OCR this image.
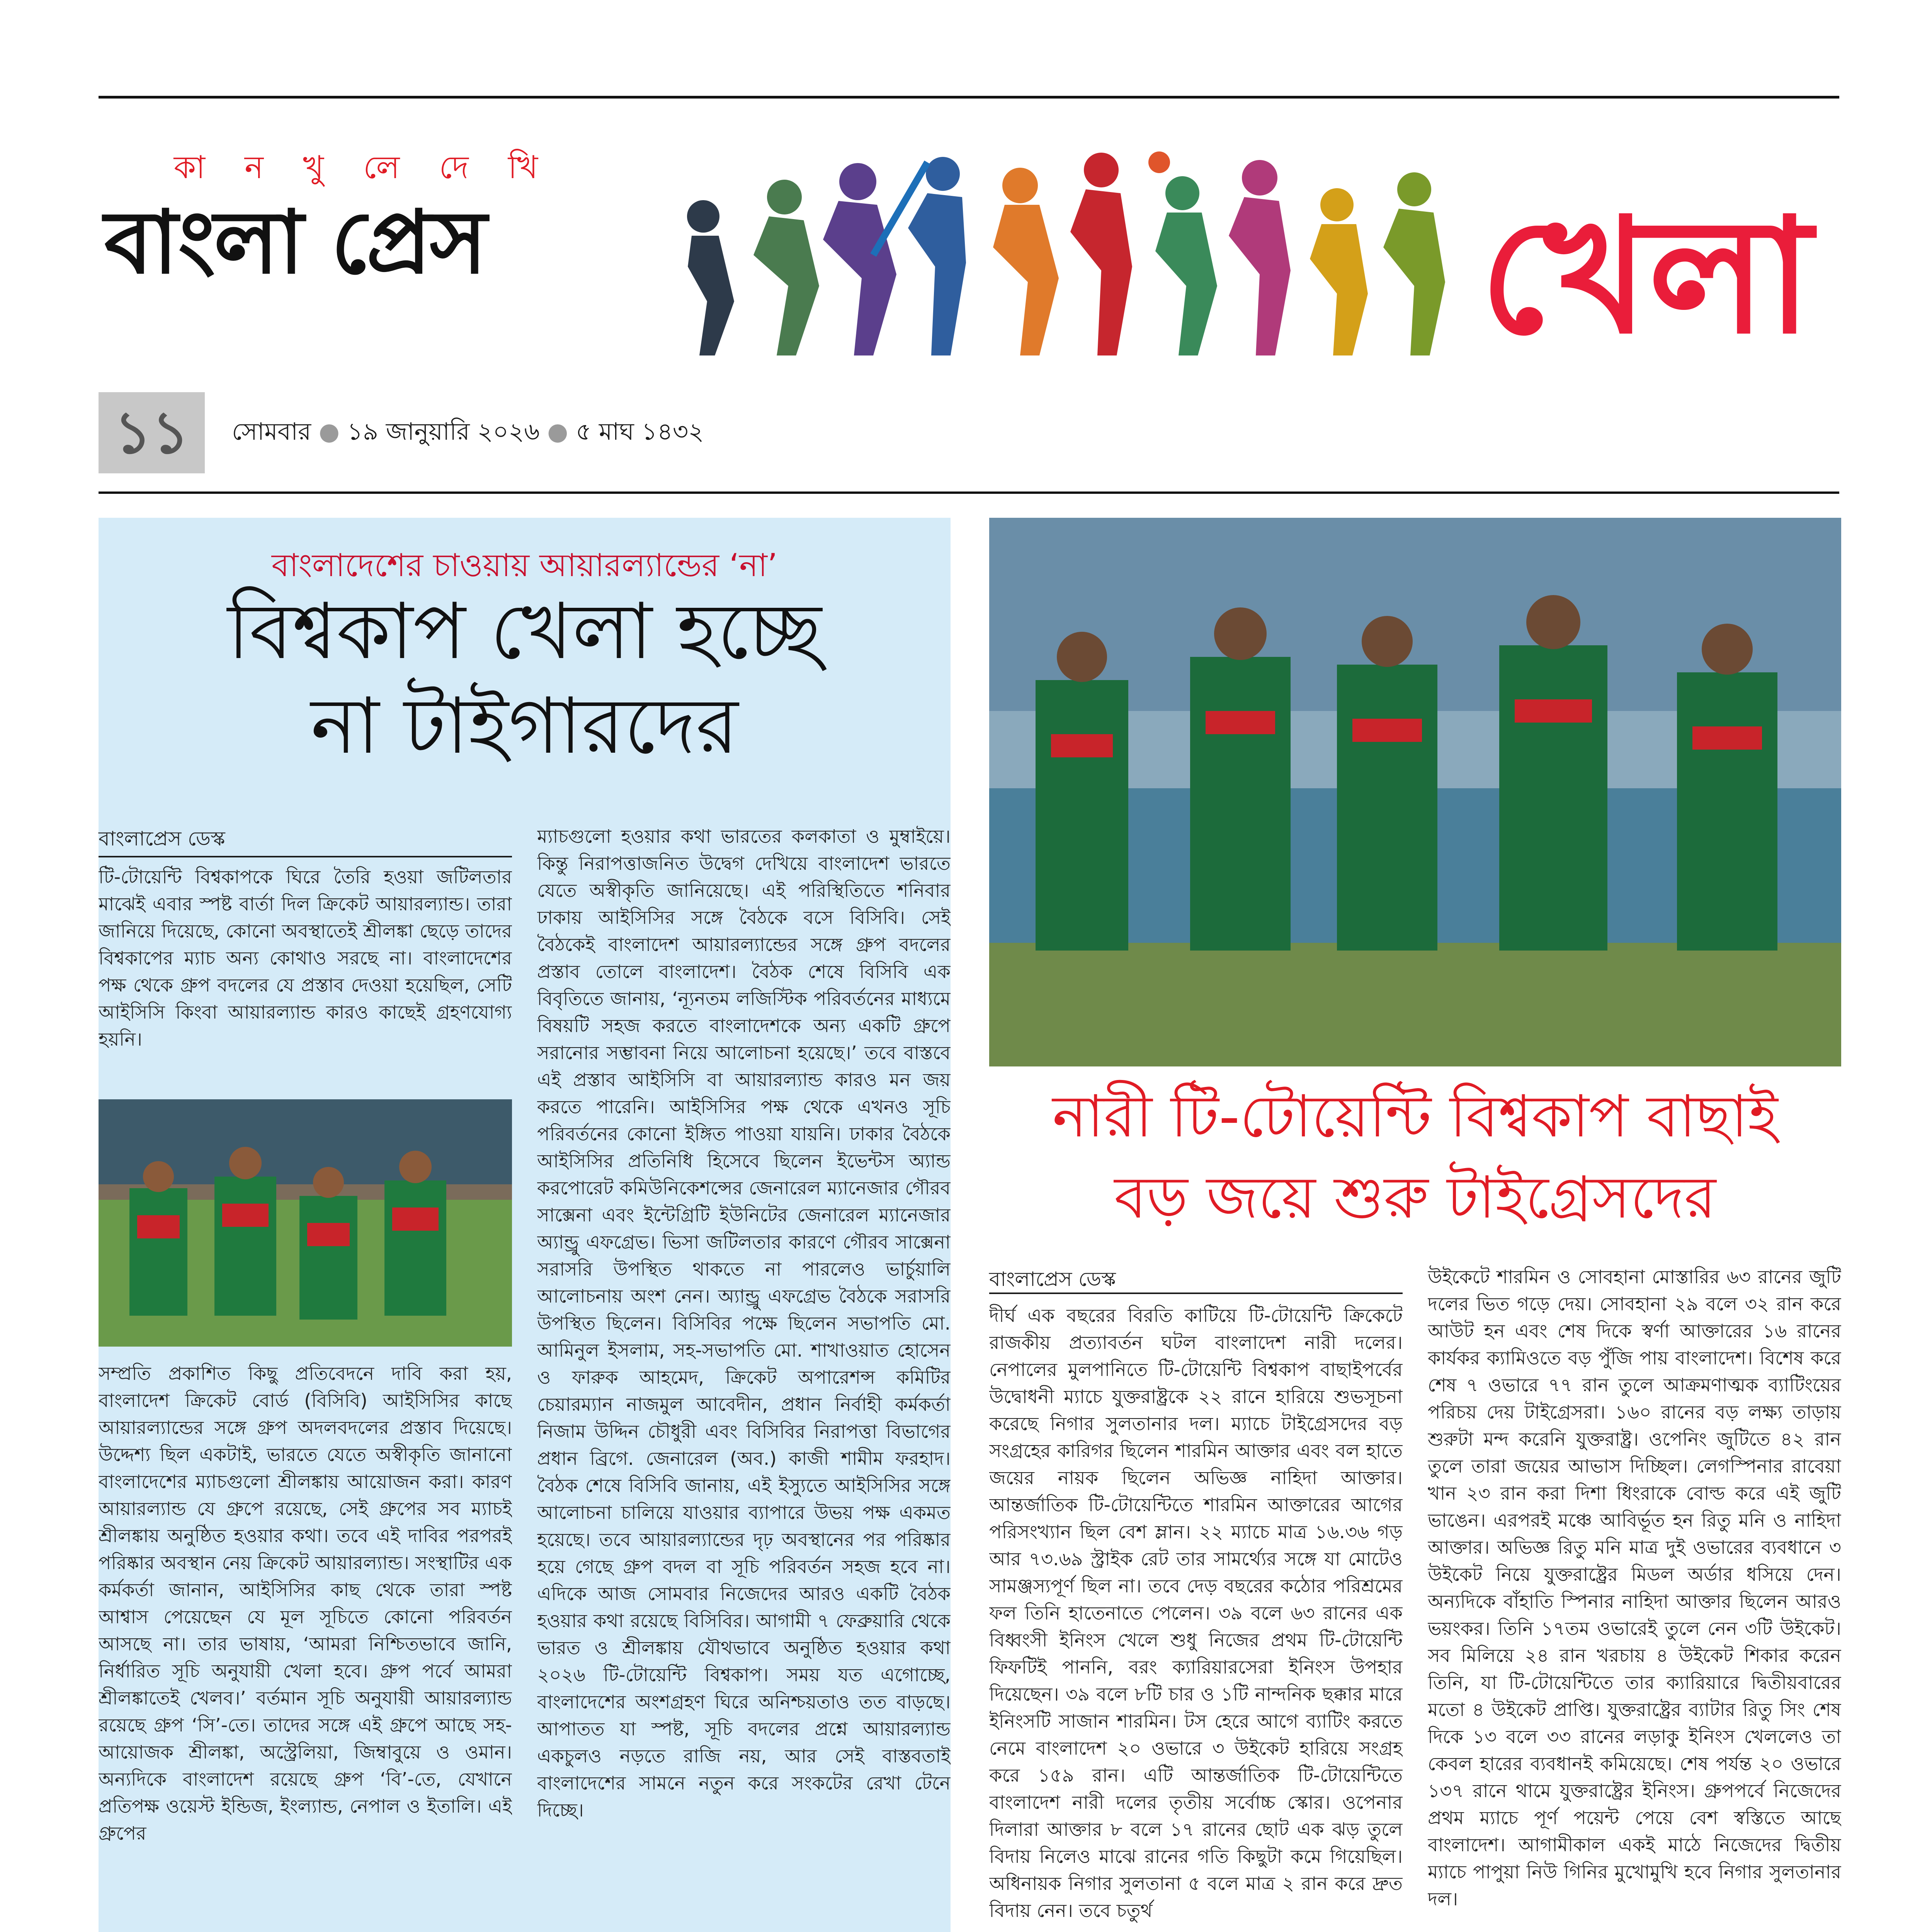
কা ন খু লে দে খি
বাংলা প্রেস	খেলা
১১	সোমবার ● ১৯ জানুয়ারি ২০২৬ ● ৫ মাঘ ১৪৩২
বাংলাদেশের চাওয়ায় আয়ারল্যান্ডের ‘না’
বিশ্বকাপ খেলা হচ্ছে
না টাইগারদের
বাংলাপ্রেস ডেস্ক
টি-টোয়েন্টি বিশ্বকাপকে ঘিরে তৈরি হওয়া জটিলতার মাঝেই এবার স্পষ্ট বার্তা দিল ক্রিকেট আয়ারল্যান্ড। তারা জানিয়ে দিয়েছে, কোনো অবস্থাতেই শ্রীলঙ্কা ছেড়ে তাদের বিশ্বকাপের ম্যাচ অন্য কোথাও সরছে না। বাংলাদেশের পক্ষ থেকে গ্রুপ বদলের যে প্রস্তাব দেওয়া হয়েছিল, সেটি আইসিসি কিংবা আয়ারল্যান্ড কারও কাছেই গ্রহণযোগ্য হয়নি।
সম্প্রতি প্রকাশিত কিছু প্রতিবেদনে দাবি করা হয়, বাংলাদেশ ক্রিকেট বোর্ড (বিসিবি) আইসিসির কাছে আয়ারল্যান্ডের সঙ্গে গ্রুপ অদলবদলের প্রস্তাব দিয়েছে। উদ্দেশ্য ছিল একটাই, ভারতে যেতে অস্বীকৃতি জানানো বাংলাদেশের ম্যাচগুলো শ্রীলঙ্কায় আয়োজন করা। কারণ আয়ারল্যান্ড যে গ্রুপে রয়েছে, সেই গ্রুপের সব ম্যাচই শ্রীলঙ্কায় অনুষ্ঠিত হওয়ার কথা। তবে এই দাবির পরপরই পরিষ্কার অবস্থান নেয় ক্রিকেট আয়ারল্যান্ড। সংস্থাটির এক কর্মকর্তা জানান, আইসিসির কাছ থেকে তারা স্পষ্ট আশ্বাস পেয়েছেন যে মূল সূচিতে কোনো পরিবর্তন আসছে না। তার ভাষায়, ‘আমরা নিশ্চিতভাবে জানি, নির্ধারিত সূচি অনুযায়ী খেলা হবে। গ্রুপ পর্বে আমরা শ্রীলঙ্কাতেই খেলব।’ বর্তমান সূচি অনুযায়ী আয়ারল্যান্ড রয়েছে গ্রুপ ‘সি’-তে। তাদের সঙ্গে এই গ্রুপে আছে সহ-আয়োজক শ্রীলঙ্কা, অস্ট্রেলিয়া, জিম্বাবুয়ে ও ওমান। অন্যদিকে বাংলাদেশ রয়েছে গ্রুপ ‘বি’-তে, যেখানে প্রতিপক্ষ ওয়েস্ট ইন্ডিজ, ইংল্যান্ড, নেপাল ও ইতালি। এই গ্রুপের
ম্যাচগুলো হওয়ার কথা ভারতের কলকাতা ও মুম্বাইয়ে। কিন্তু নিরাপত্তাজনিত উদ্বেগ দেখিয়ে বাংলাদেশ ভারতে যেতে অস্বীকৃতি জানিয়েছে। এই পরিস্থিতিতে শনিবার ঢাকায় আইসিসির সঙ্গে বৈঠকে বসে বিসিবি। সেই বৈঠকেই বাংলাদেশ আয়ারল্যান্ডের সঙ্গে গ্রুপ বদলের প্রস্তাব তোলে বাংলাদেশ। বৈঠক শেষে বিসিবি এক বিবৃতিতে জানায়, ‘ন্যূনতম লজিস্টিক পরিবর্তনের মাধ্যমে বিষয়টি সহজ করতে বাংলাদেশকে অন্য একটি গ্রুপে সরানোর সম্ভাবনা নিয়ে আলোচনা হয়েছে।’ তবে বাস্তবে এই প্রস্তাব আইসিসি বা আয়ারল্যান্ড কারও মন জয় করতে পারেনি। আইসিসির পক্ষ থেকে এখনও সূচি পরিবর্তনের কোনো ইঙ্গিত পাওয়া যায়নি। ঢাকার বৈঠকে আইসিসির প্রতিনিধি হিসেবে ছিলেন ইভেন্টস অ্যান্ড করপোরেট কমিউনিকেশন্সের জেনারেল ম্যানেজার গৌরব সাক্সেনা এবং ইন্টেগ্রিটি ইউনিটের জেনারেল ম্যানেজার অ্যান্ড্রু এফগ্রেভ। ভিসা জটিলতার কারণে গৌরব সাক্সেনা সরাসরি উপস্থিত থাকতে না পারলেও ভার্চুয়ালি আলোচনায় অংশ নেন। অ্যান্ড্রু এফগ্রেভ বৈঠকে সরাসরি উপস্থিত ছিলেন। বিসিবির পক্ষে ছিলেন সভাপতি মো. আমিনুল ইসলাম, সহ-সভাপতি মো. শাখাওয়াত হোসেন ও ফারুক আহমেদ, ক্রিকেট অপারেশন্স কমিটির চেয়ারম্যান নাজমুল আবেদীন, প্রধান নির্বাহী কর্মকর্তা নিজাম উদ্দিন চৌধুরী এবং বিসিবির নিরাপত্তা বিভাগের প্রধান ব্রিগে. জেনারেল (অব.) কাজী শামীম ফরহাদ। বৈঠক শেষে বিসিবি জানায়, এই ইস্যুতে আইসিসির সঙ্গে আলোচনা চালিয়ে যাওয়ার ব্যাপারে উভয় পক্ষ একমত হয়েছে। তবে আয়ারল্যান্ডের দৃঢ় অবস্থানের পর পরিষ্কার হয়ে গেছে গ্রুপ বদল বা সূচি পরিবর্তন সহজ হবে না। এদিকে আজ সোমবার নিজেদের আরও একটি বৈঠক হওয়ার কথা রয়েছে বিসিবির। আগামী ৭ ফেব্রুয়ারি থেকে ভারত ও শ্রীলঙ্কায় যৌথভাবে অনুষ্ঠিত হওয়ার কথা ২০২৬ টি-টোয়েন্টি বিশ্বকাপ। সময় যত এগোচ্ছে, বাংলাদেশের অংশগ্রহণ ঘিরে অনিশ্চয়তাও তত বাড়ছে। আপাতত যা স্পষ্ট, সূচি বদলের প্রশ্নে আয়ারল্যান্ড একচুলও নড়তে রাজি নয়, আর সেই বাস্তবতাই বাংলাদেশের সামনে নতুন করে সংকটের রেখা টেনে দিচ্ছে।
নারী টি-টোয়েন্টি বিশ্বকাপ বাছাই
বড় জয়ে শুরু টাইগ্রেসদের
বাংলাপ্রেস ডেস্ক
দীর্ঘ এক বছরের বিরতি কাটিয়ে টি-টোয়েন্টি ক্রিকেটে রাজকীয় প্রত্যাবর্তন ঘটল বাংলাদেশ নারী দলের। নেপালের মুলপানিতে টি-টোয়েন্টি বিশ্বকাপ বাছাইপর্বের উদ্বোধনী ম্যাচে যুক্তরাষ্ট্রকে ২২ রানে হারিয়ে শুভসূচনা করেছে নিগার সুলতানার দল। ম্যাচে টাইগ্রেসদের বড় সংগ্রহের কারিগর ছিলেন শারমিন আক্তার এবং বল হাতে জয়ের নায়ক ছিলেন অভিজ্ঞ নাহিদা আক্তার। আন্তর্জাতিক টি-টোয়েন্টিতে শারমিন আক্তারের আগের পরিসংখ্যান ছিল বেশ ম্লান। ২২ ম্যাচে মাত্র ১৬.৩৬ গড় আর ৭৩.৬৯ স্ট্রাইক রেট তার সামর্থ্যের সঙ্গে যা মোটেও সামঞ্জস্যপূর্ণ ছিল না। তবে দেড় বছরের কঠোর পরিশ্রমের ফল তিনি হাতেনাতে পেলেন। ৩৯ বলে ৬৩ রানের এক বিধ্বংসী ইনিংস খেলে শুধু নিজের প্রথম টি-টোয়েন্টি ফিফটিই পাননি, বরং ক্যারিয়ারসেরা ইনিংস উপহার দিয়েছেন। ৩৯ বলে ৮টি চার ও ১টি নান্দনিক ছক্কার মারে ইনিংসটি সাজান শারমিন। টস হেরে আগে ব্যাটিং করতে নেমে বাংলাদেশ ২০ ওভারে ৩ উইকেট হারিয়ে সংগ্রহ করে ১৫৯ রান। এটি আন্তর্জাতিক টি-টোয়েন্টিতে বাংলাদেশ নারী দলের তৃতীয় সর্বোচ্চ স্কোর। ওপেনার দিলারা আক্তার ৮ বলে ১৭ রানের ছোট এক ঝড় তুলে বিদায় নিলেও মাঝে রানের গতি কিছুটা কমে গিয়েছিল। অধিনায়ক নিগার সুলতানা ৫ বলে মাত্র ২ রান করে দ্রুত বিদায় নেন। তবে চতুর্থ
উইকেটে শারমিন ও সোবহানা মোস্তারির ৬৩ রানের জুটি দলের ভিত গড়ে দেয়। সোবহানা ২৯ বলে ৩২ রান করে আউট হন এবং শেষ দিকে স্বর্ণা আক্তারের ১৬ রানের কার্যকর ক্যামিওতে বড় পুঁজি পায় বাংলাদেশ। বিশেষ করে শেষ ৭ ওভারে ৭৭ রান তুলে আক্রমণাত্মক ব্যাটিংয়ের পরিচয় দেয় টাইগ্রেসরা। ১৬০ রানের বড় লক্ষ্য তাড়ায় শুরুটা মন্দ করেনি যুক্তরাষ্ট্র। ওপেনিং জুটিতে ৪২ রান তুলে তারা জয়ের আভাস দিচ্ছিল। লেগস্পিনার রাবেয়া খান ২৩ রান করা দিশা ধিংরাকে বোল্ড করে এই জুটি ভাঙেন। এরপরই মঞ্চে আবির্ভূত হন রিতু মনি ও নাহিদা আক্তার। অভিজ্ঞ রিতু মনি মাত্র দুই ওভারের ব্যবধানে ৩ উইকেট নিয়ে যুক্তরাষ্ট্রের মিডল অর্ডার ধসিয়ে দেন। অন্যদিকে বাঁহাতি স্পিনার নাহিদা আক্তার ছিলেন আরও ভয়ংকর। তিনি ১৭তম ওভারেই তুলে নেন ৩টি উইকেট। সব মিলিয়ে ২৪ রান খরচায় ৪ উইকেট শিকার করেন তিনি, যা টি-টোয়েন্টিতে তার ক্যারিয়ারে দ্বিতীয়বারের মতো ৪ উইকেট প্রাপ্তি। যুক্তরাষ্ট্রের ব্যাটার রিতু সিং শেষ দিকে ১৩ বলে ৩৩ রানের লড়াকু ইনিংস খেললেও তা কেবল হারের ব্যবধানই কমিয়েছে। শেষ পর্যন্ত ২০ ওভারে ১৩৭ রানে থামে যুক্তরাষ্ট্রের ইনিংস। গ্রুপপর্বে নিজেদের প্রথম ম্যাচে পূর্ণ পয়েন্ট পেয়ে বেশ স্বস্তিতে আছে বাংলাদেশ। আগামীকাল একই মাঠে নিজেদের দ্বিতীয় ম্যাচে পাপুয়া নিউ গিনির মুখোমুখি হবে নিগার সুলতানার দল।
